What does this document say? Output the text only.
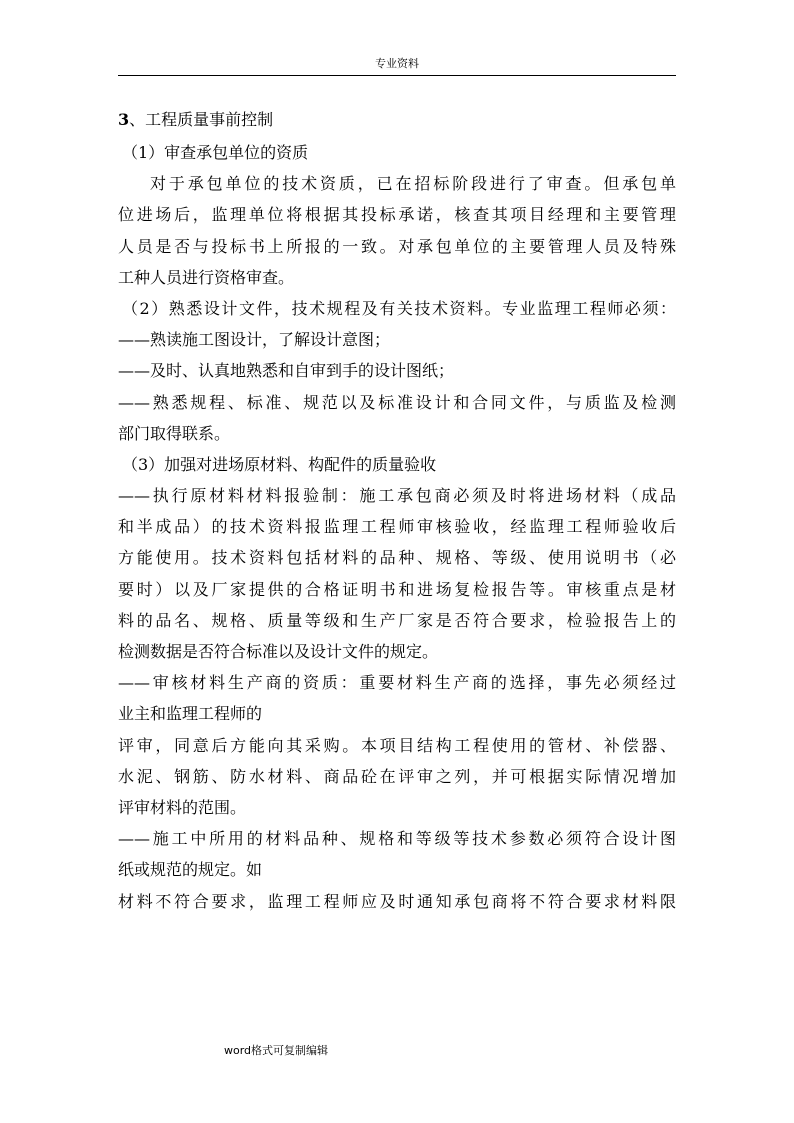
专业资料
3、工程质量事前控制
（1）审查承包单位的资质
对于承包单位的技术资质，已在招标阶段进行了审查。但承包单
位进场后，监理单位将根据其投标承诺，核查其项目经理和主要管理
人员是否与投标书上所报的一致。对承包单位的主要管理人员及特殊
工种人员进行资格审查。
（2）熟悉设计文件，技术规程及有关技术资料。专业监理工程师必须：
——熟读施工图设计，了解设计意图；
——及时、认真地熟悉和自审到手的设计图纸；
——熟悉规程、标准、规范以及标准设计和合同文件，与质监及检测
部门取得联系。
（3）加强对进场原材料、构配件的质量验收
——执行原材料材料报验制：施工承包商必须及时将进场材料（成品
和半成品）的技术资料报监理工程师审核验收，经监理工程师验收后
方能使用。技术资料包括材料的品种、规格、等级、使用说明书（必
要时）以及厂家提供的合格证明书和进场复检报告等。审核重点是材
料的品名、规格、质量等级和生产厂家是否符合要求，检验报告上的
检测数据是否符合标准以及设计文件的规定。
——审核材料生产商的资质：重要材料生产商的选择，事先必须经过
业主和监理工程师的
评审，同意后方能向其采购。本项目结构工程使用的管材、补偿器、
水泥、钢筋、防水材料、商品砼在评审之列，并可根据实际情况增加
评审材料的范围。
——施工中所用的材料品种、规格和等级等技术参数必须符合设计图
纸或规范的规定。如
材料不符合要求，监理工程师应及时通知承包商将不符合要求材料限
word格式可复制编辑
